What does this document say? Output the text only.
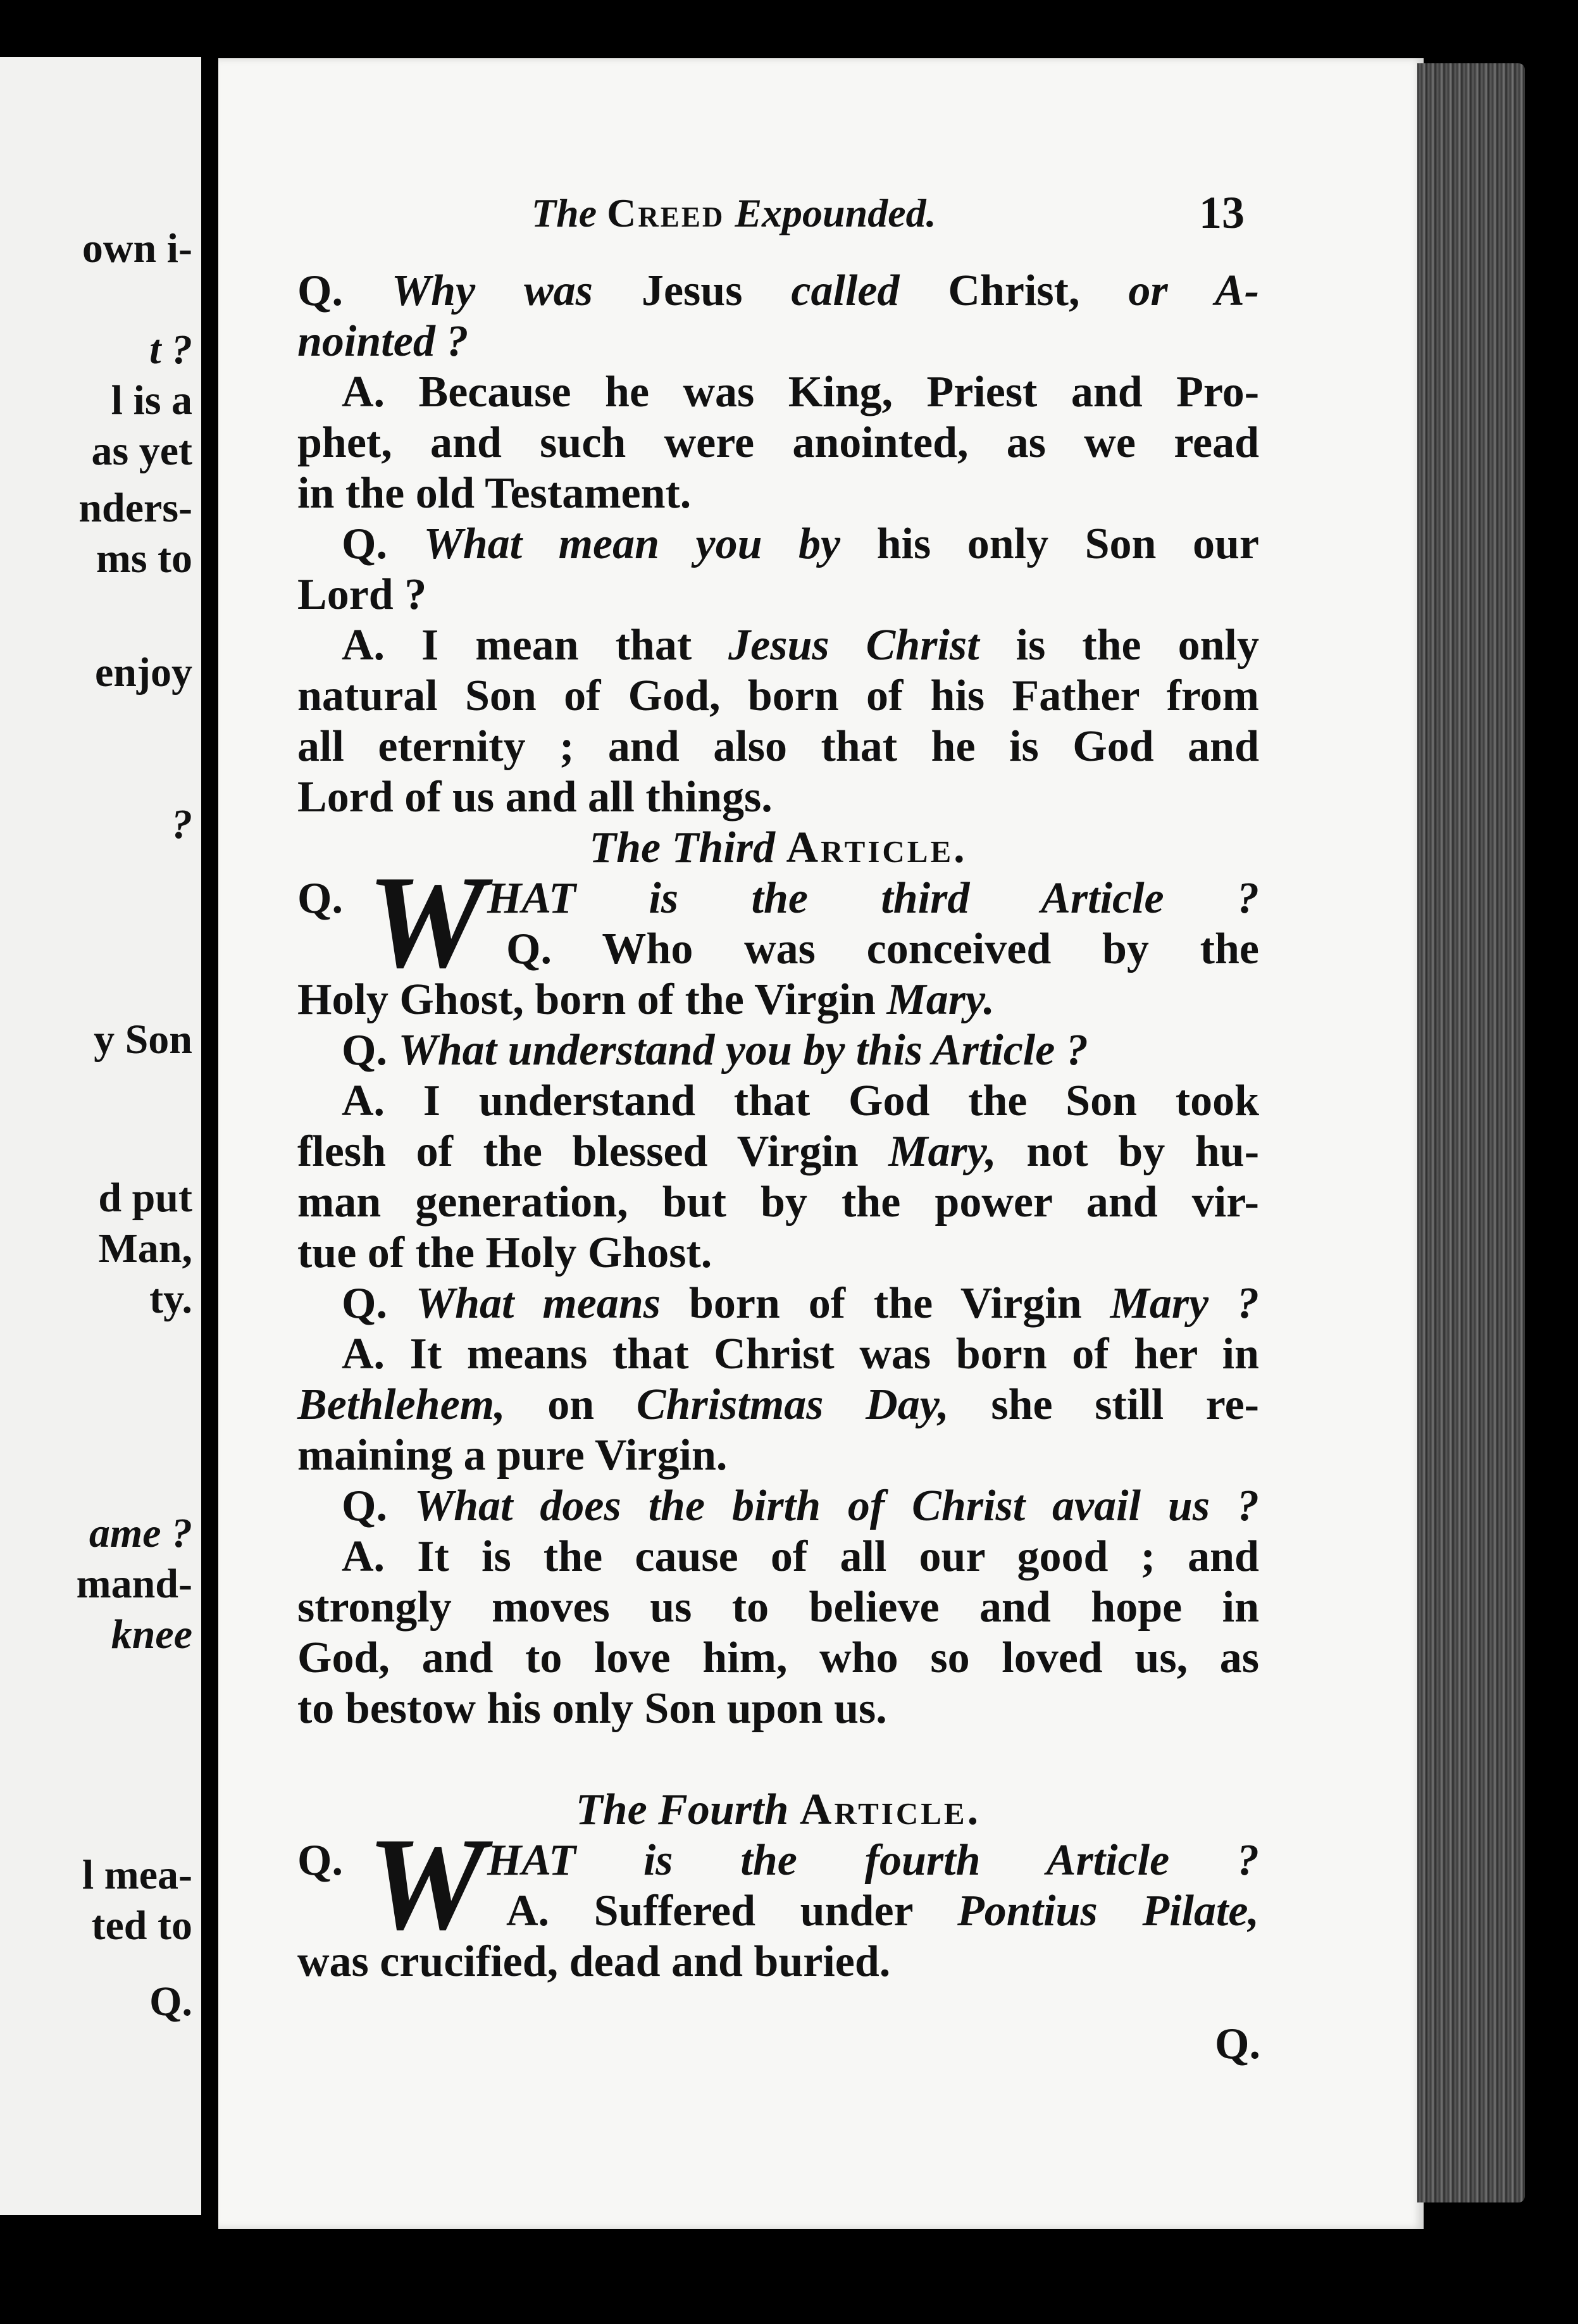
own i-
t ?
l is a
as yet
nders-
ms to
enjoy
?
y Son
d put
Man,
ty.
ame ?
mand-
knee
l mea-
ted to
Q.
The Creed Expounded.	13
Q. Why was Jesus called Christ, or A-
nointed ?
A. Because he was King, Priest and Pro-
phet, and such were anointed, as we read
in the old Testament.
Q. What mean you by his only Son our
Lord ?
A. I mean that Jesus Christ is the only
natural Son of God, born of his Father from
all eternity ; and also that he is God and
Lord of us and all things.
The Third Article.
Q. W HAT is the third Article ?
Q. Who was conceived by the
Holy Ghost, born of the Virgin Mary.
Q. What understand you by this Article ?
A. I understand that God the Son took
flesh of the blessed Virgin Mary, not by hu-
man generation, but by the power and vir-
tue of the Holy Ghost.
Q. What means born of the Virgin Mary ?
A. It means that Christ was born of her in
Bethlehem, on Christmas Day, she still re-
maining a pure Virgin.
Q. What does the birth of Christ avail us ?
A. It is the cause of all our good ; and
strongly moves us to believe and hope in
God, and to love him, who so loved us, as
to bestow his only Son upon us.
The Fourth Article.
Q. W HAT is the fourth Article ?
A. Suffered under Pontius Pilate,
was crucified, dead and buried.
Q.
